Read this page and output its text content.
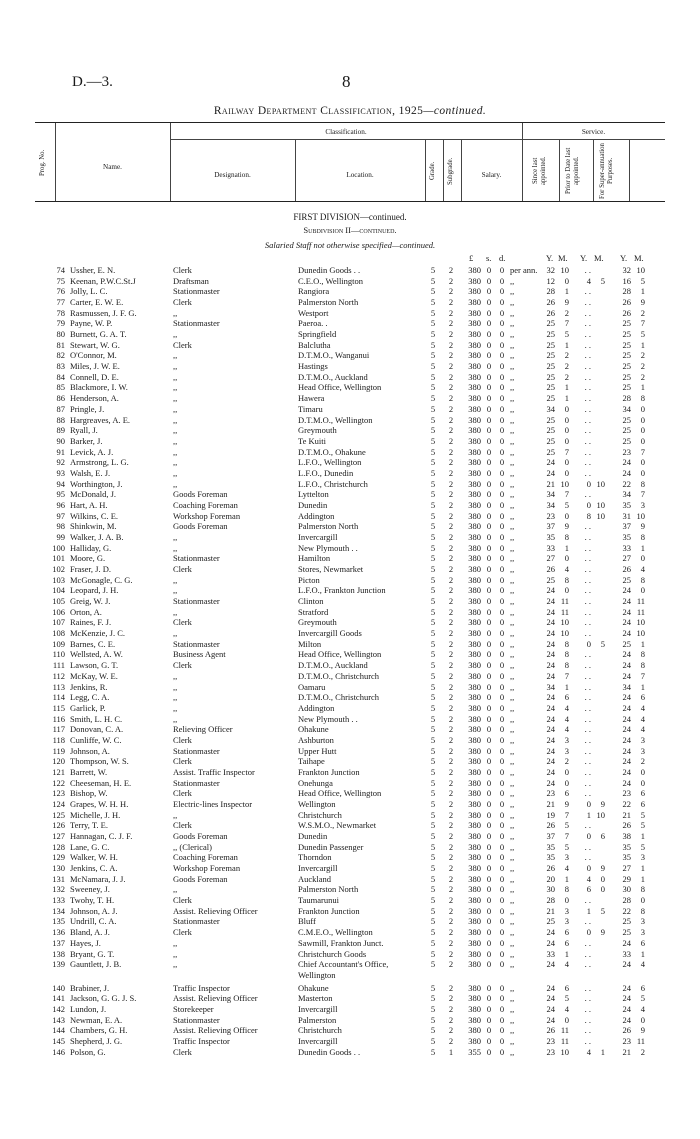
D.—3.	8
Railway Department Classification, 1925—continued.
Prog. No.	Name.
Classification.
Designation.	Location.	Grade.	Subgrade.	Salary.
Service.
Since last appointed.	Prior to Date last appointed.	For Super-annuation Purposes.
FIRST DIVISION—continued.
Subdivision II—continued.
Salaried Staff not otherwise specified—continued.
£ s. d.	Y. M. Y. M. Y. M.
74 Ussher, E. N.	Clerk	Dunedin Goods . .	5	2	380 0 0 per ann.	32 10	. .	32 10
75 Keenan, P.W.C.St.J	Draftsman	C.E.O., Wellington	5	2	380 0 0 ,,	12	0	4	5	16	5
76 Jolly, L. C.	Stationmaster	Rangiora	5	2	380 0 0 ,,	28	1	. .	28	1
77 Carter, E. W. E.	Clerk	Palmerston North	5	2	380 0 0 ,,	26	9	. .	26	9
78 Rasmussen, J. F. G.	,,	Westport	5	2	380 0 0 ,,	26	2	. .	26	2
79 Payne, W. P.	Stationmaster	Paeroa. .	5	2	380 0 0 ,,	25	7	. .	25	7
80 Burnett, G. A. T.	,,	Springfield	5	2	380 0 0 ,,	25	5	. .	25	5
81 Stewart, W. G.	Clerk	Balclutha	5	2	380 0 0 ,,	25	1	. .	25	1
82 O'Connor, M.	,,	D.T.M.O., Wanganui	5	2	380 0 0 ,,	25	2	. .	25	2
83 Miles, J. W. E.	,,	Hastings	5	2	380 0 0 ,,	25	2	. .	25	2
84 Connell, D. E.	,,	D.T.M.O., Auckland	5	2	380 0 0 ,,	25	2	. .	25	2
85 Blackmore, I. W.	,,	Head Office, Wellington	5	2	380 0 0 ,,	25	1	. .	25	1
86 Henderson, A.	,,	Hawera	5	2	380 0 0 ,,	25	1	. .	28	8
87 Pringle, J.	,,	Timaru	5	2	380 0 0 ,,	34	0	. .	34	0
88 Hargreaves, A. E.	,,	D.T.M.O., Wellington	5	2	380 0 0 ,,	25	0	. .	25	0
89 Ryall, J.	,,	Greymouth	5	2	380 0 0 ,,	25	0	. .	25	0
90 Barker, J.	,,	Te Kuiti	5	2	380 0 0 ,,	25	0	. .	25	0
91 Levick, A. J.	,,	D.T.M.O., Ohakune	5	2	380 0 0 ,,	25	7	. .	23	7
92 Armstrong, L. G.	,,	L.F.O., Wellington	5	2	380 0 0 ,,	24	0	. .	24	0
93 Walsh, E. J.	,,	L.F.O., Dunedin	5	2	380 0 0 ,,	24	0	. .	24	0
94 Worthington, J.	,,	L.F.O., Christchurch	5	2	380 0 0 ,,	21 10	0 10	22	8
95 McDonald, J.	Goods Foreman	Lyttelton	5	2	380 0 0 ,,	34	7	. .	34	7
96 Hart, A. H.	Coaching Foreman	Dunedin	5	2	380 0 0 ,,	34	5	0 10	35	3
97 Wilkins, C. E.	Workshop Foreman	Addington	5	2	380 0 0 ,,	23	0	8 10	31 10
98 Shinkwin, M.	Goods Foreman	Palmerston North	5	2	380 0 0 ,,	37	9	. .	37	9
99 Walker, J. A. B.	,,	Invercargill	5	2	380 0 0 ,,	35	8	. .	35	8
100 Halliday, G.	,,	New Plymouth . .	5	2	380 0 0 ,,	33	1	. .	33	1
101 Moore, G.	Stationmaster	Hamilton	5	2	380 0 0 ,,	27	0	. .	27	0
102 Fraser, J. D.	Clerk	Stores, Newmarket	5	2	380 0 0 ,,	26	4	. .	26	4
103 McGonagle, C. G.	,,	Picton	5	2	380 0 0 ,,	25	8	. .	25	8
104 Leopard, J. H.	,,	L.F.O., Frankton Junction	5	2	380 0 0 ,,	24	0	. .	24	0
105 Greig, W. J.	Stationmaster	Clinton	5	2	380 0 0 ,,	24 11	. .	24 11
106 Orton, A.	,,	Stratford	5	2	380 0 0 ,,	24 11	. .	24 11
107 Raines, F. J.	Clerk	Greymouth	5	2	380 0 0 ,,	24 10	. .	24 10
108 McKenzie, J. C.	,,	Invercargill Goods	5	2	380 0 0 ,,	24 10	. .	24 10
109 Barnes, C. E.	Stationmaster	Milton	5	2	380 0 0 ,,	24	8	0	5	25	1
110 Wellsted, A. W.	Business Agent	Head Office, Wellington	5	2	380 0 0 ,,	24	8	. .	24	8
111 Lawson, G. T.	Clerk	D.T.M.O., Auckland	5	2	380 0 0 ,,	24	8	. .	24	8
112 McKay, W. E.	,,	D.T.M.O., Christchurch	5	2	380 0 0 ,,	24	7	. .	24	7
113 Jenkins, R.	,,	Oamaru	5	2	380 0 0 ,,	34	1	. .	34	1
114 Legg, C. A.	,,	D.T.M.O., Christchurch	5	2	380 0 0 ,,	24	6	. .	24	6
115 Garlick, P.	,,	Addington	5	2	380 0 0 ,,	24	4	. .	24	4
116 Smith, L. H. C.	,,	New Plymouth . .	5	2	380 0 0 ,,	24	4	. .	24	4
117 Donovan, C. A.	Relieving Officer	Ohakune	5	2	380 0 0 ,,	24	4	. .	24	4
118 Cunliffe, W. C.	Clerk	Ashburton	5	2	380 0 0 ,,	24	3	. .	24	3
119 Johnson, A.	Stationmaster	Upper Hutt	5	2	380 0 0 ,,	24	3	. .	24	3
120 Thompson, W. S.	Clerk	Taihape	5	2	380 0 0 ,,	24	2	. .	24	2
121 Barrett, W.	Assist. Traffic Inspector	Frankton Junction	5	2	380 0 0 ,,	24	0	. .	24	0
122 Cheeseman, H. E.	Stationmaster	Onehunga	5	2	380 0 0 ,,	24	0	. .	24	0
123 Bishop, W.	Clerk	Head Office, Wellington	5	2	380 0 0 ,,	23	6	. .	23	6
124 Grapes, W. H. H.	Electric-lines Inspector	Wellington	5	2	380 0 0 ,,	21	9	0	9	22	6
125 Michelle, J. H.	,,	Christchurch	5	2	380 0 0 ,,	19	7	1 10	21	5
126 Terry, T. E.	Clerk	W.S.M.O., Newmarket	5	2	380 0 0 ,,	26	5	. .	26	5
127 Hannagan, C. J. F.	Goods Foreman	Dunedin	5	2	380 0 0 ,,	37	7	0	6	38	1
128 Lane, G. C.	,, (Clerical)	Dunedin Passenger	5	2	380 0 0 ,,	35	5	. .	35	5
129 Walker, W. H.	Coaching Foreman	Thorndon	5	2	380 0 0 ,,	35	3	. .	35	3
130 Jenkins, C. A.	Workshop Foreman	Invercargill	5	2	380 0 0 ,,	26	4	0	9	27	1
131 McNamara, J. J.	Goods Foreman	Auckland	5	2	380 0 0 ,,	20	1	4	0	29	1
132 Sweeney, J.	,,	Palmerston North	5	2	380 0 0 ,,	30	8	6	0	30	8
133 Twohy, T. H.	Clerk	Taumarunui	5	2	380 0 0 ,,	28	0	. .	28	0
134 Johnson, A. J.	Assist. Relieving Officer	Frankton Junction	5	2	380 0 0 ,,	21	3	1	5	22	8
135 Undrill, C. A.	Stationmaster	Bluff	5	2	380 0 0 ,,	25	3	. .	25	3
136 Bland, A. J.	Clerk	C.M.E.O., Wellington	5	2	380 0 0 ,,	24	6	0	9	25	3
137 Hayes, J.	,,	Sawmill, Frankton Junct.	5	2	380 0 0 ,,	24	6	. .	24	6
138 Bryant, G. T.	,,	Christchurch Goods	5	2	380 0 0 ,,	33	1	. .	33	1
139 Gauntlett, J. B.	,,	Chief Accountant's Office,	5	2	380 0 0 ,,	24	4	. .	24	4
Wellington
140 Brabiner, J.	Traffic Inspector	Ohakune	5	2	380 0 0 ,,	24	6	. .	24	6
141 Jackson, G. G. J. S.	Assist. Relieving Officer	Masterton	5	2	380 0 0 ,,	24	5	. .	24	5
142 Lundon, J.	Storekeeper	Invercargill	5	2	380 0 0 ,,	24	4	. .	24	4
143 Newman, E. A.	Stationmaster	Palmerston	5	2	380 0 0 ,,	24	0	. .	24	0
144 Chambers, G. H.	Assist. Relieving Officer	Christchurch	5	2	380 0 0 ,,	26 11	. .	26	9
145 Shepherd, J. G.	Traffic Inspector	Invercargill	5	2	380 0 0 ,,	23 11	. .	23 11
146 Polson, G.	Clerk	Dunedin Goods . .	5	1	355 0 0 ,,	23 10	4	1	21	2
